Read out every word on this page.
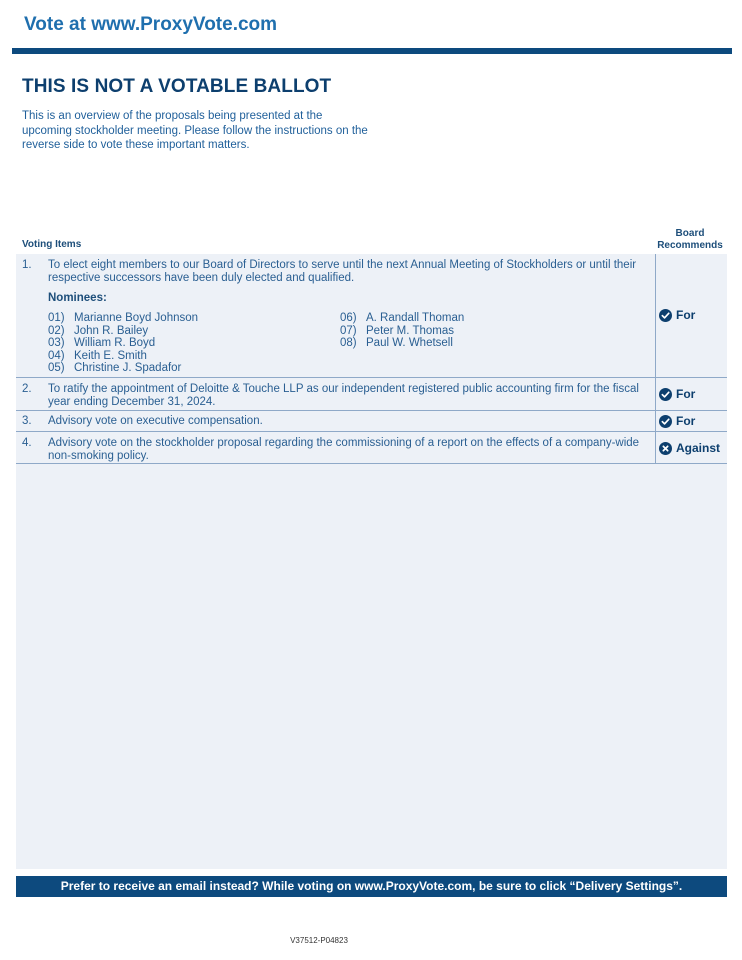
Vote at www.ProxyVote.com
THIS IS NOT A VOTABLE BALLOT

This is an overview of the proposals being presented at the upcoming stockholder meeting. Please follow the instructions on the reverse side to vote these important matters.

Voting Items
Board
Recommends
1. To elect eight members to our Board of Directors to serve until the next Annual Meeting of Stockholders or until their respective successors have been duly elected and qualified.
Nominees:
01) Marianne Boyd Johnson
02) John R. Bailey
03) William R. Boyd
04) Keith E. Smith
05) Christine J. Spadafor
06) A. Randall Thoman
07) Peter M. Thomas
08) Paul W. Whetsell
For
2. To ratify the appointment of Deloitte & Touche LLP as our independent registered public accounting firm for the fiscal year ending December 31, 2024.
For
3. Advisory vote on executive compensation.	For
4. Advisory vote on the stockholder proposal regarding the commissioning of a report on the effects of a company-wide non-smoking policy.
Against
Prefer to receive an email instead? While voting on www.ProxyVote.com, be sure to click “Delivery Settings”.
V37512-P04823
